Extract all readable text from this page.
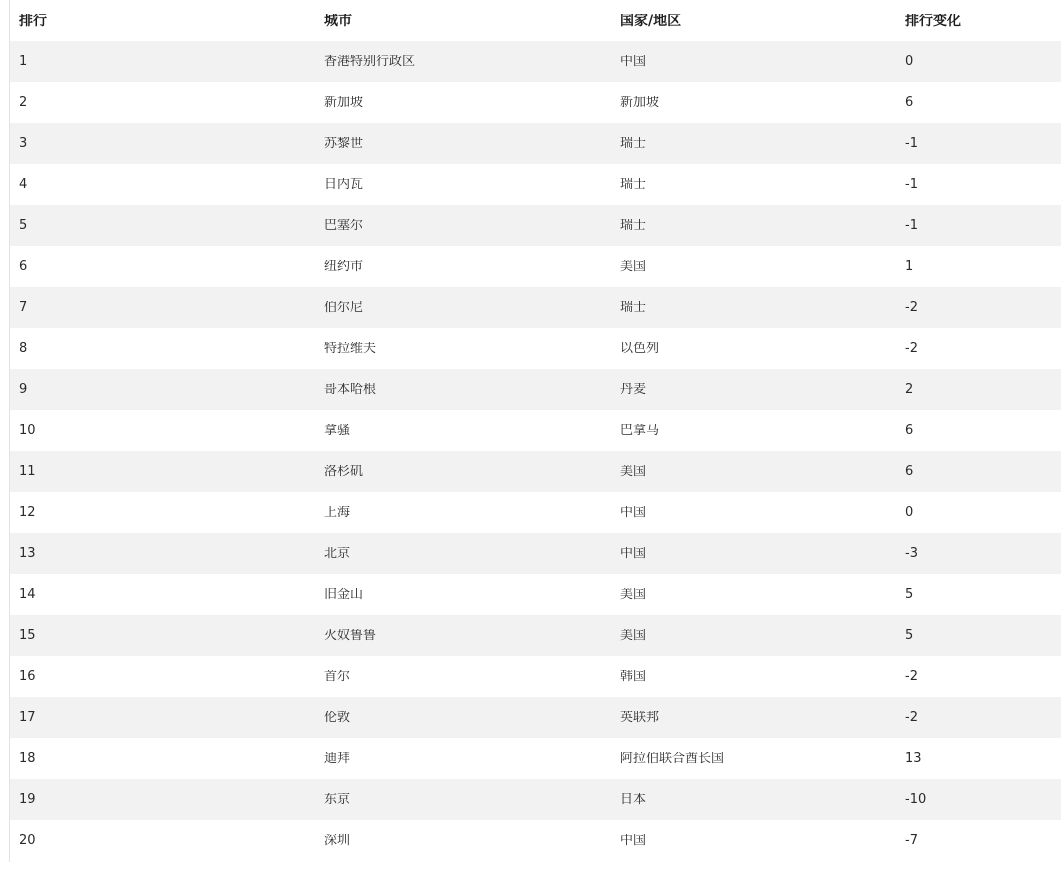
排行	城市	国家/地区	排行变化
1	香港特别行政区	中国	0
2	新加坡	新加坡	6
3	苏黎世	瑞士	-1
4	日内瓦	瑞士	-1
5	巴塞尔	瑞士	-1
6	纽约市	美国	1
7	伯尔尼	瑞士	-2
8	特拉维夫	以色列	-2
9	哥本哈根	丹麦	2
10	拿骚	巴拿马	6
11	洛杉矶	美国	6
12	上海	中国	0
13	北京	中国	-3
14	旧金山	美国	5
15	火奴鲁鲁	美国	5
16	首尔	韩国	-2
17	伦敦	英联邦	-2
18	迪拜	阿拉伯联合酋长国	13
19	东京	日本	-10
20	深圳	中国	-7
